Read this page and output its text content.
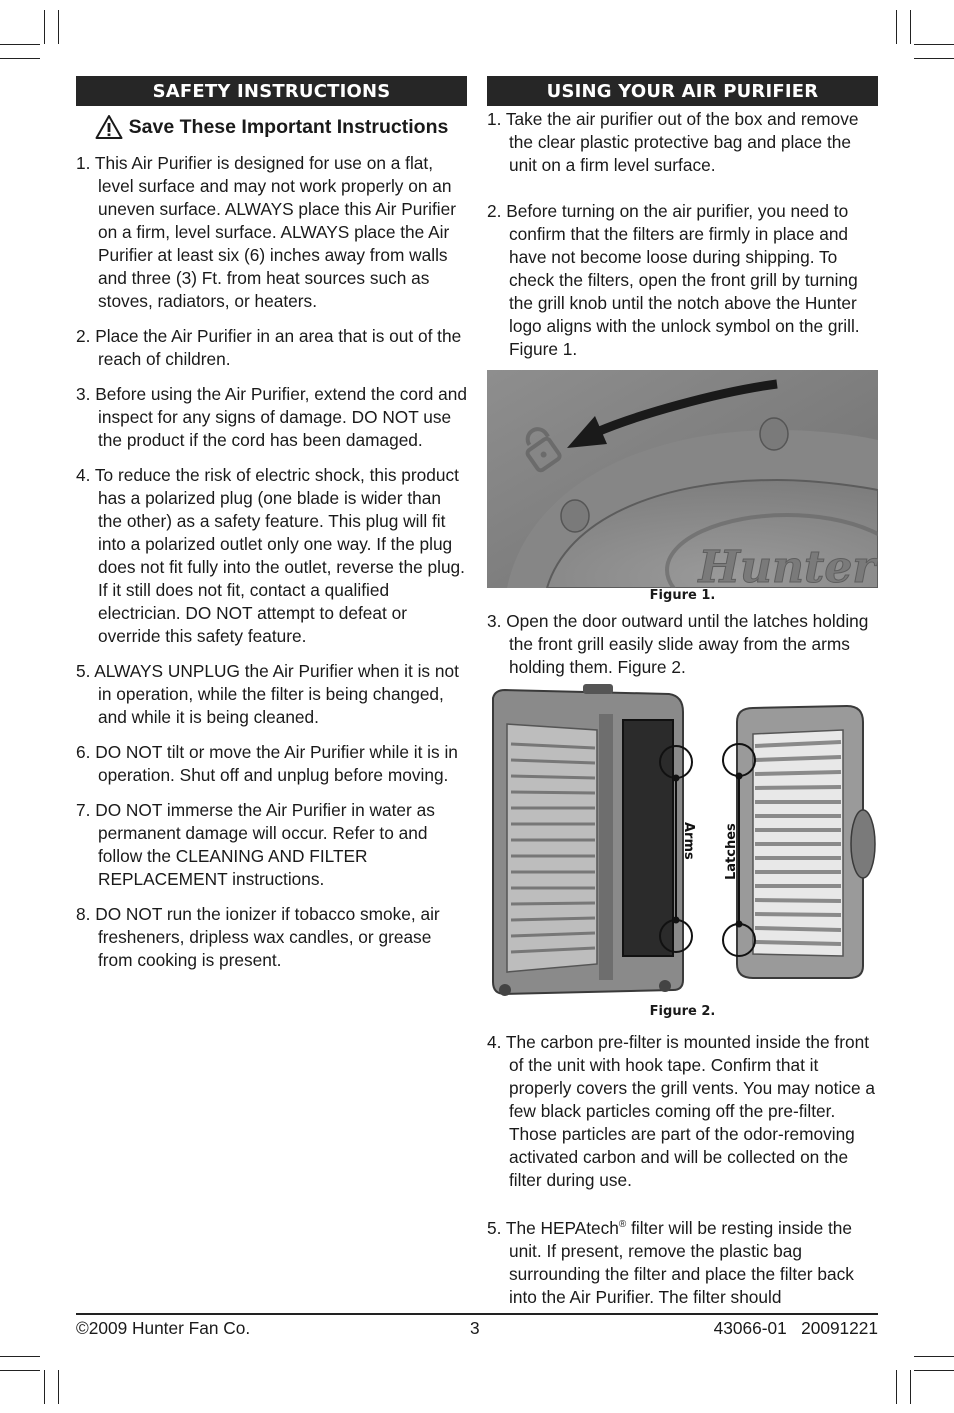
SAFETY INSTRUCTIONS
Save These Important Instructions
1. This Air Purifier is designed for use on a flat, level surface and may not work properly on an uneven surface. ALWAYS place this Air Purifier on a firm, level surface. ALWAYS place the Air Purifier at least six (6) inches away from walls and three (3) Ft. from heat sources such as stoves, radiators, or heaters.
2. Place the Air Purifier in an area that is out of the reach of children.
3. Before using the Air Purifier, extend the cord and inspect for any signs of damage. DO NOT use the product if the cord has been damaged.
4. To reduce the risk of electric shock, this product has a polarized plug (one blade is wider than the other) as a safety feature. This plug will fit into a polarized outlet only one way. If the plug does not fit fully into the outlet, reverse the plug. If it still does not fit, contact a qualified electrician. DO NOT attempt to defeat or override this safety feature.
5. ALWAYS UNPLUG the Air Purifier when it is not in operation, while the filter is being changed, and while it is being cleaned.
6. DO NOT tilt or move the Air Purifier while it is in operation. Shut off and unplug before moving.
7. DO NOT immerse the Air Purifier in water as permanent damage will occur. Refer to and follow the CLEANING AND FILTER REPLACEMENT instructions.
8. DO NOT run the ionizer if tobacco smoke, air fresheners, dripless wax candles, or grease from cooking is present.
USING YOUR AIR PURIFIER
1. Take the air purifier out of the box and remove the clear plastic protective bag and place the unit on a firm level surface.
2. Before turning on the air purifier, you need to confirm that the filters are firmly in place and have not become loose during shipping. To check the filters, open the front grill by turning the grill knob until the notch above the Hunter logo aligns with the unlock symbol on the grill. Figure 1.
Hunter
Figure 1.
3. Open the door outward until the latches holding the front grill easily slide away from the arms holding them. Figure 2.
Arms Latches
Figure 2.
4. The carbon pre-filter is mounted inside the front of the unit with hook tape. Confirm that it properly covers the grill vents. You may notice a few black particles coming off the pre-filter. Those particles are part of the odor-removing activated carbon and will be collected on the filter during use.
5. The HEPAtech® filter will be resting inside the unit. If present, remove the plastic bag surrounding the filter and place the filter back into the Air Purifier. The filter should
©2009 Hunter Fan Co.	3	43066-01   20091221
